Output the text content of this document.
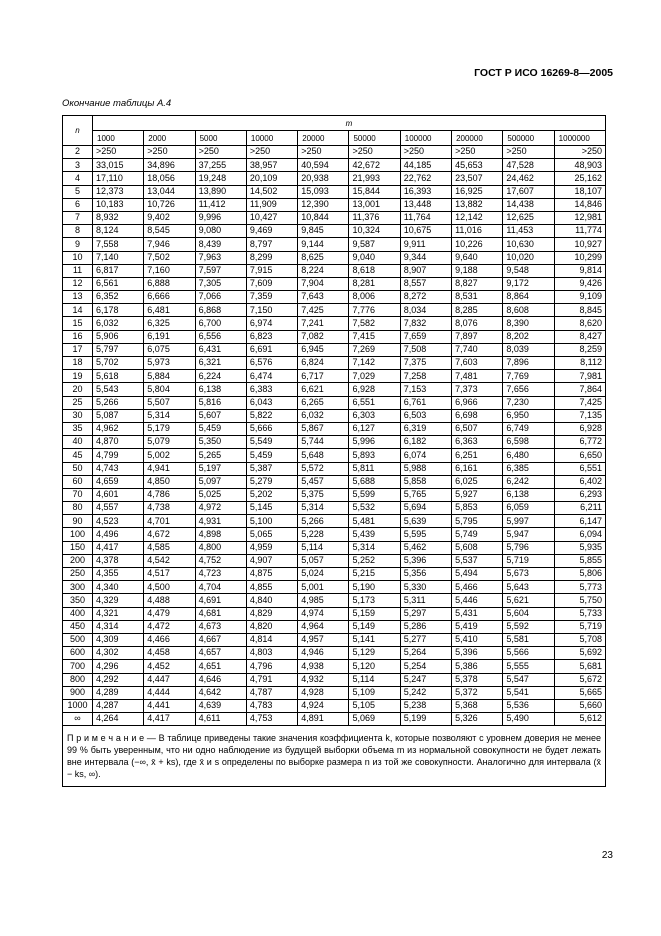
ГОСТ Р ИСО 16269-8—2005
Окончание таблицы А.4
n	m									
	1000	2000	5000	10000	20000	50000	100000	200000	500000	1000000
2	>250	>250	>250	>250	>250	>250	>250	>250	>250	>250
3	33,015	34,896	37,255	38,957	40,594	42,672	44,185	45,653	47,528	48,903
4	17,110	18,056	19,248	20,109	20,938	21,993	22,762	23,507	24,462	25,162
5	12,373	13,044	13,890	14,502	15,093	15,844	16,393	16,925	17,607	18,107
6	10,183	10,726	11,412	11,909	12,390	13,001	13,448	13,882	14,438	14,846
7	8,932	9,402	9,996	10,427	10,844	11,376	11,764	12,142	12,625	12,981
8	8,124	8,545	9,080	9,469	9,845	10,324	10,675	11,016	11,453	11,774
9	7,558	7,946	8,439	8,797	9,144	9,587	9,911	10,226	10,630	10,927
10	7,140	7,502	7,963	8,299	8,625	9,040	9,344	9,640	10,020	10,299
11	6,817	7,160	7,597	7,915	8,224	8,618	8,907	9,188	9,548	9,814
12	6,561	6,888	7,305	7,609	7,904	8,281	8,557	8,827	9,172	9,426
13	6,352	6,666	7,066	7,359	7,643	8,006	8,272	8,531	8,864	9,109
14	6,178	6,481	6,868	7,150	7,425	7,776	8,034	8,285	8,608	8,845
15	6,032	6,325	6,700	6,974	7,241	7,582	7,832	8,076	8,390	8,620
16	5,906	6,191	6,556	6,823	7,082	7,415	7,659	7,897	8,202	8,427
17	5,797	6,075	6,431	6,691	6,945	7,269	7,508	7,740	8,039	8,259
18	5,702	5,973	6,321	6,576	6,824	7,142	7,375	7,603	7,896	8,112
19	5,618	5,884	6,224	6,474	6,717	7,029	7,258	7,481	7,769	7,981
20	5,543	5,804	6,138	6,383	6,621	6,928	7,153	7,373	7,656	7,864
25	5,266	5,507	5,816	6,043	6,265	6,551	6,761	6,966	7,230	7,425
30	5,087	5,314	5,607	5,822	6,032	6,303	6,503	6,698	6,950	7,135
35	4,962	5,179	5,459	5,666	5,867	6,127	6,319	6,507	6,749	6,928
40	4,870	5,079	5,350	5,549	5,744	5,996	6,182	6,363	6,598	6,772
45	4,799	5,002	5,265	5,459	5,648	5,893	6,074	6,251	6,480	6,650
50	4,743	4,941	5,197	5,387	5,572	5,811	5,988	6,161	6,385	6,551
60	4,659	4,850	5,097	5,279	5,457	5,688	5,858	6,025	6,242	6,402
70	4,601	4,786	5,025	5,202	5,375	5,599	5,765	5,927	6,138	6,293
80	4,557	4,738	4,972	5,145	5,314	5,532	5,694	5,853	6,059	6,211
90	4,523	4,701	4,931	5,100	5,266	5,481	5,639	5,795	5,997	6,147
100	4,496	4,672	4,898	5,065	5,228	5,439	5,595	5,749	5,947	6,094
150	4,417	4,585	4,800	4,959	5,114	5,314	5,462	5,608	5,796	5,935
200	4,378	4,542	4,752	4,907	5,057	5,252	5,396	5,537	5,719	5,855
250	4,355	4,517	4,723	4,875	5,024	5,215	5,356	5,494	5,673	5,806
300	4,340	4,500	4,704	4,855	5,001	5,190	5,330	5,466	5,643	5,773
350	4,329	4,488	4,691	4,840	4,985	5,173	5,311	5,446	5,621	5,750
400	4,321	4,479	4,681	4,829	4,974	5,159	5,297	5,431	5,604	5,733
450	4,314	4,472	4,673	4,820	4,964	5,149	5,286	5,419	5,592	5,719
500	4,309	4,466	4,667	4,814	4,957	5,141	5,277	5,410	5,581	5,708
600	4,302	4,458	4,657	4,803	4,946	5,129	5,264	5,396	5,566	5,692
700	4,296	4,452	4,651	4,796	4,938	5,120	5,254	5,386	5,555	5,681
800	4,292	4,447	4,646	4,791	4,932	5,114	5,247	5,378	5,547	5,672
900	4,289	4,444	4,642	4,787	4,928	5,109	5,242	5,372	5,541	5,665
1000	4,287	4,441	4,639	4,783	4,924	5,105	5,238	5,368	5,536	5,660
∞	4,264	4,417	4,611	4,753	4,891	5,069	5,199	5,326	5,490	5,612
П р и м е ч а н и е — В таблице приведены такие значения коэффициента k, которые позволяют с уровнем доверия не менее 99 % быть уверенным, что ни одно наблюдение из будущей выборки объема m из нормальной совокупности не будет лежать вне интервала (−∞, x̄ + ks), где x̄ и s определены по выборке размера n из той же совокупности. Аналогично для интервала (x̄ − ks, ∞).										
23
